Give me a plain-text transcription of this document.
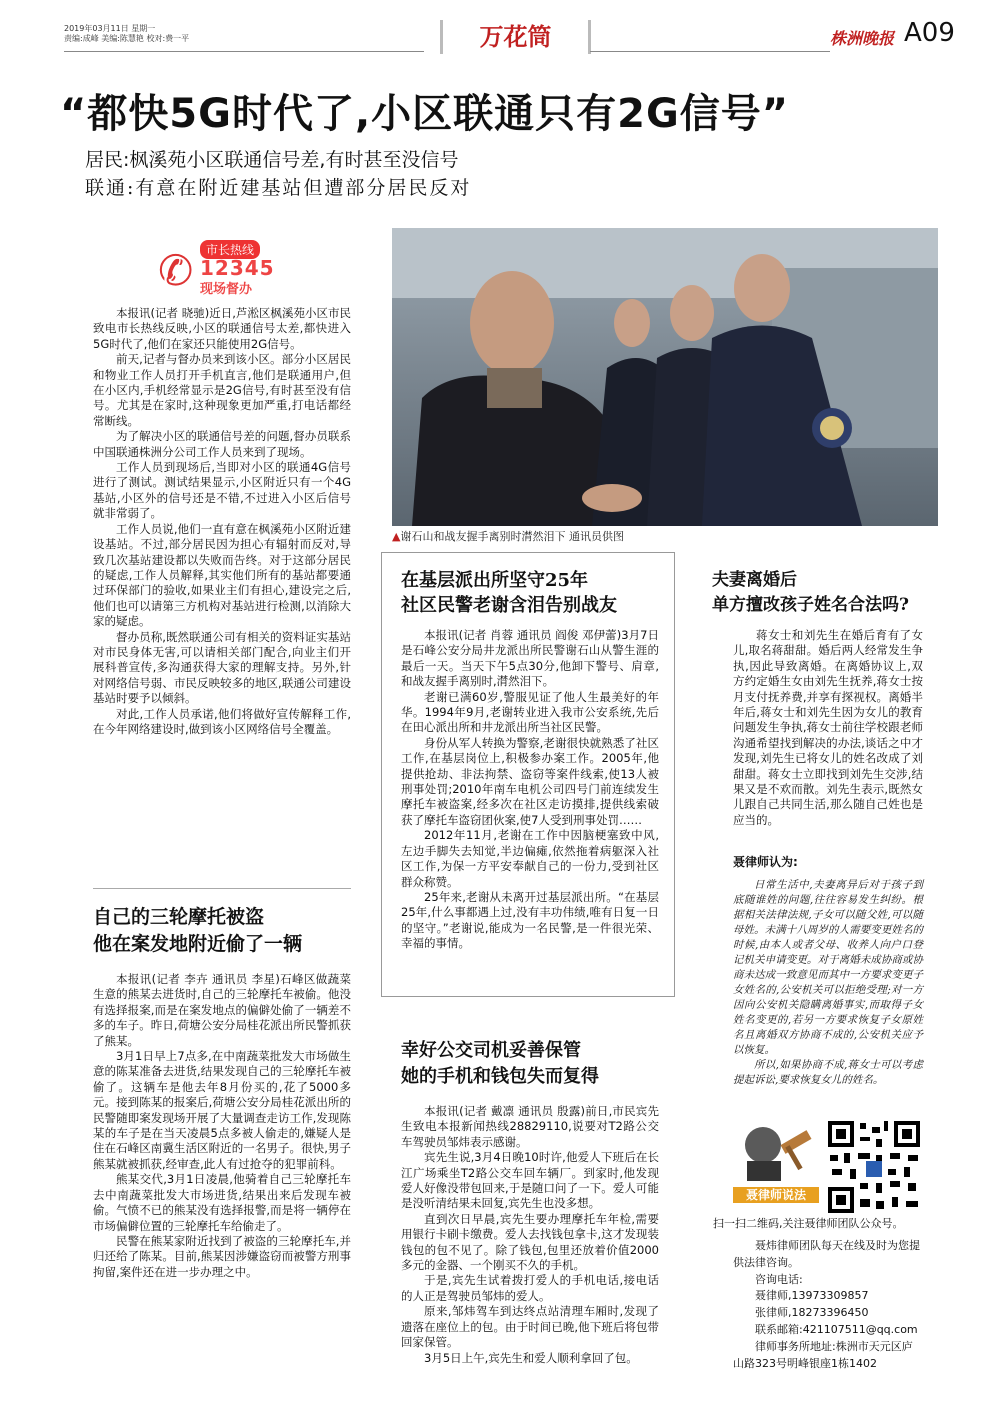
2019年03月11日 星期一
责编:成峰 美编:陈慧艳 校对:费一平	万花筒	株洲晚报 A09
“都快5G时代了,小区联通只有2G信号”
居民:枫溪苑小区联通信号差,有时甚至没信号
联通:有意在附近建基站但遭部分居民反对
✆	市长热线
12345
现场督办

本报讯(记者 晓驰)近日,芦淞区枫溪苑小区市民致电市长热线反映,小区的联通信号太差,都快进入5G时代了,他们在家还只能使用2G信号。

前天,记者与督办员来到该小区。部分小区居民和物业工作人员打开手机直言,他们是联通用户,但在小区内,手机经常显示是2G信号,有时甚至没有信号。尤其是在家时,这种现象更加严重,打电话都经常断线。

为了解决小区的联通信号差的问题,督办员联系中国联通株洲分公司工作人员来到了现场。

工作人员到现场后,当即对小区的联通4G信号进行了测试。测试结果显示,小区附近只有一个4G基站,小区外的信号还是不错,不过进入小区后信号就非常弱了。

工作人员说,他们一直有意在枫溪苑小区附近建设基站。不过,部分居民因为担心有辐射而反对,导致几次基站建设都以失败而告终。对于这部分居民的疑虑,工作人员解释,其实他们所有的基站都要通过环保部门的验收,如果业主们有担心,建设完之后,他们也可以请第三方机构对基站进行检测,以消除大家的疑虑。

督办员称,既然联通公司有相关的资料证实基站对市民身体无害,可以请相关部门配合,向业主们开展科普宣传,多沟通获得大家的理解支持。另外,针对网络信号弱、市民反映较多的地区,联通公司建设基站时要予以倾斜。

对此,工作人员承诺,他们将做好宣传解释工作,在今年网络建设时,做到该小区网络信号全覆盖。

自己的三轮摩托被盗
他在案发地附近偷了一辆

本报讯(记者 李卉 通讯员 李星)石峰区做蔬菜生意的熊某去进货时,自己的三轮摩托车被偷。他没有选择报案,而是在案发地点的偏僻处偷了一辆差不多的车子。昨日,荷塘公安分局桂花派出所民警抓获了熊某。

3月1日早上7点多,在中南蔬菜批发大市场做生意的陈某准备去进货,结果发现自己的三轮摩托车被偷了。这辆车是他去年8月份买的,花了5000多元。接到陈某的报案后,荷塘公安分局桂花派出所的民警随即案发现场开展了大量调查走访工作,发现陈某的车子是在当天凌晨5点多被人偷走的,嫌疑人是住在石峰区南冀生活区附近的一名男子。很快,男子熊某就被抓获,经审查,此人有过抢夺的犯罪前科。

熊某交代,3月1日凌晨,他骑着自己三轮摩托车去中南蔬菜批发大市场进货,结果出来后发现车被偷。气愤不已的熊某没有选择报警,而是将一辆停在市场偏僻位置的三轮摩托车给偷走了。

民警在熊某家附近找到了被盗的三轮摩托车,并归还给了陈某。目前,熊某因涉嫌盗窃而被警方刑事拘留,案件还在进一步办理之中。

▲谢石山和战友握手离别时潸然泪下 通讯员供图
在基层派出所坚守25年
社区民警老谢含泪告别战友

本报讯(记者 肖蓉 通讯员 阎俊 邓伊蕾)3月7日是石峰公安分局井龙派出所民警谢石山从警生涯的最后一天。当天下午5点30分,他卸下警号、肩章,和战友握手离别时,潸然泪下。

老谢已满60岁,警服见证了他人生最美好的年华。1994年9月,老谢转业进入我市公安系统,先后在田心派出所和井龙派出所当社区民警。

身份从军人转换为警察,老谢很快就熟悉了社区工作,在基层岗位上,积极参办案工作。2005年,他提供抢劫、非法拘禁、盗窃等案件线索,使13人被刑事处罚;2010年南车电机公司四号门前连续发生摩托车被盗案,经多次在社区走访摸排,提供线索破获了摩托车盗窃团伙案,使7人受到刑事处罚……

2012年11月,老谢在工作中因脑梗塞致中风,左边手脚失去知觉,半边偏瘫,依然拖着病躯深入社区工作,为保一方平安奉献自己的一份力,受到社区群众称赞。

25年来,老谢从未离开过基层派出所。“在基层25年,什么事都遇上过,没有丰功伟绩,唯有日复一日的坚守。”老谢说,能成为一名民警,是一件很光荣、幸福的事情。

幸好公交司机妥善保管
她的手机和钱包失而复得

本报讯(记者 戴凛 通讯员 殷露)前日,市民宾先生致电本报新闻热线28829110,说要对T2路公交车驾驶员邹炜表示感谢。

宾先生说,3月4日晚10时许,他爱人下班后在长江广场乘坐T2路公交车回车辆厂。到家时,他发现爱人好像没带包回来,于是随口问了一下。爱人可能是没听清结果未回复,宾先生也没多想。

直到次日早晨,宾先生要办理摩托车年检,需要用银行卡刷卡缴费。爱人去找钱包拿卡,这才发现装钱包的包不见了。除了钱包,包里还放着价值2000多元的金器、一个刚买不久的手机。

于是,宾先生试着拨打爱人的手机电话,接电话的人正是驾驶员邹炜的爱人。

原来,邹炜驾车到达终点站清理车厢时,发现了遗落在座位上的包。由于时间已晚,他下班后将包带回家保管。

3月5日上午,宾先生和爱人顺利拿回了包。

夫妻离婚后
单方擅改孩子姓名合法吗?

蒋女士和刘先生在婚后育有了女儿,取名蒋甜甜。婚后两人经常发生争执,因此导致离婚。在离婚协议上,双方约定婚生女由刘先生抚养,蒋女士按月支付抚养费,并享有探视权。离婚半年后,蒋女士和刘先生因为女儿的教育问题发生争执,蒋女士前往学校跟老师沟通希望找到解决的办法,谈话之中才发现,刘先生已将女儿的姓名改成了刘甜甜。蒋女士立即找到刘先生交涉,结果又是不欢而散。刘先生表示,既然女儿跟自己共同生活,那么随自己姓也是应当的。

聂律师认为:

日常生活中,夫妻离异后对于孩子到底随谁姓的问题,往往容易发生纠纷。根据相关法律法规,子女可以随父姓,可以随母姓。未满十八周岁的人需要变更姓名的时候,由本人或者父母、收养人向户口登记机关申请变更。对于离婚未成协商或协商未达成一致意见而其中一方要求变更子女姓名的,公安机关可以拒绝受理;对一方因向公安机关隐瞒离婚事实,而取得子女姓名变更的,若另一方要求恢复子女原姓名且离婚双方协商不成的,公安机关应予以恢复。

所以,如果协商不成,蒋女士可以考虑提起诉讼,要求恢复女儿的姓名。

聂律师说法
扫一扫二维码,关注聂律师团队公众号。
聂炜律师团队每天在线及时为您提供法律咨询。
咨询电话:
聂律师,13973309857
张律师,18273396450
联系邮箱:421107511@qq.com
律师事务所地址:株洲市天元区庐山路323号明峰银座1栋1402
